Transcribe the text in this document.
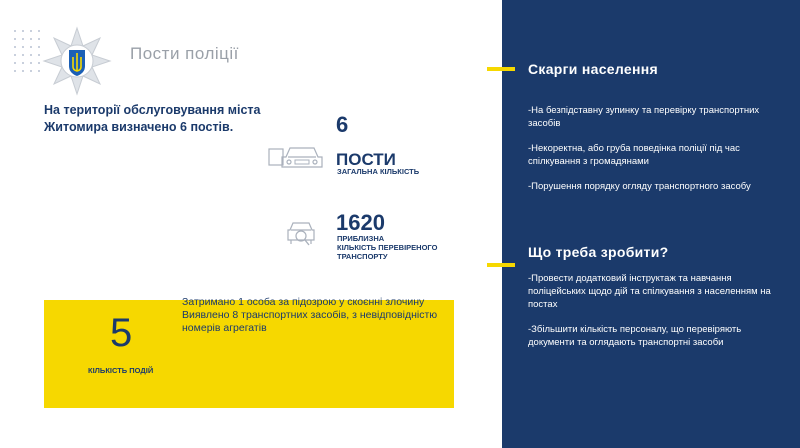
Пости поліції
На території обслуговування міста Житомира визначено 6 постів.	6
ПОСТИ
ЗАГАЛЬНА КІЛЬКІСТЬ
1620
ПРИБЛИЗНА
КІЛЬКІСТЬ ПЕРЕВІРЕНОГО
ТРАНСПОРТУ
5
КІЛЬКІСТЬ ПОДІЙ
Затримано 1 особа за підозрою у скоєнні злочину
Виявлено 8 транспортних засобів, з невідповідністю номерів агрегатів
Скарги населення
-На безпідставну зупинку та перевірку транспортних засобів
-Некоректна, або груба поведінка поліції під час спілкування з громадянами
-Порушення порядку огляду транспортного засобу
Що треба зробити?
-Провести додатковий інструктаж та навчання поліцейських щодо дій та спілкування з населенням на постах
-Збільшити кількість персоналу, що перевіряють документи та оглядають транспортні засоби
